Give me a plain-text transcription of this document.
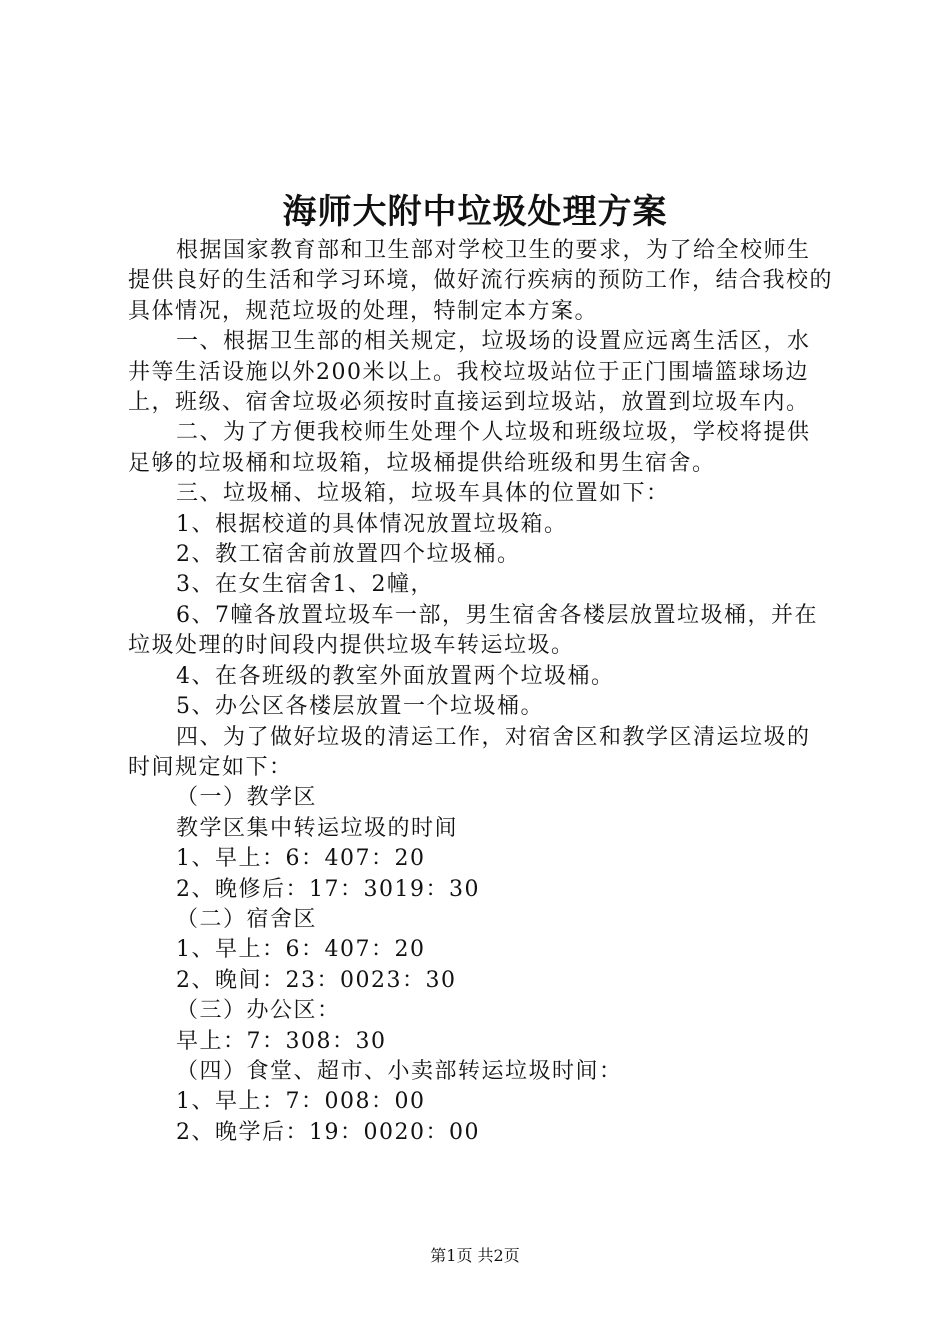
海师大附中垃圾处理方案

根据国家教育部和卫生部对学校卫生的要求，为了给全校师生提供良好的生活和学习环境，做好流行疾病的预防工作，结合我校的具体情况，规范垃圾的处理，特制定本方案。

一、根据卫生部的相关规定，垃圾场的设置应远离生活区，水井等生活设施以外200米以上。我校垃圾站位于正门围墙篮球场边上，班级、宿舍垃圾必须按时直接运到垃圾站，放置到垃圾车内。

二、为了方便我校师生处理个人垃圾和班级垃圾，学校将提供足够的垃圾桶和垃圾箱，垃圾桶提供给班级和男生宿舍。

三、垃圾桶、垃圾箱，垃圾车具体的位置如下：

1、根据校道的具体情况放置垃圾箱。

2、教工宿舍前放置四个垃圾桶。

3、在女生宿舍1、2幢，

6、7幢各放置垃圾车一部，男生宿舍各楼层放置垃圾桶，并在垃圾处理的时间段内提供垃圾车转运垃圾。

4、在各班级的教室外面放置两个垃圾桶。

5、办公区各楼层放置一个垃圾桶。

四、为了做好垃圾的清运工作，对宿舍区和教学区清运垃圾的时间规定如下：

（一）教学区

教学区集中转运垃圾的时间

1、早上：6：407：20

2、晚修后：17：3019：30

（二）宿舍区

1、早上：6：407：20

2、晚间：23：0023：30

（三）办公区：

早上：7：308：30

（四）食堂、超市、小卖部转运垃圾时间：

1、早上：7：008：00

2、晚学后：19：0020：00

第1页 共2页
